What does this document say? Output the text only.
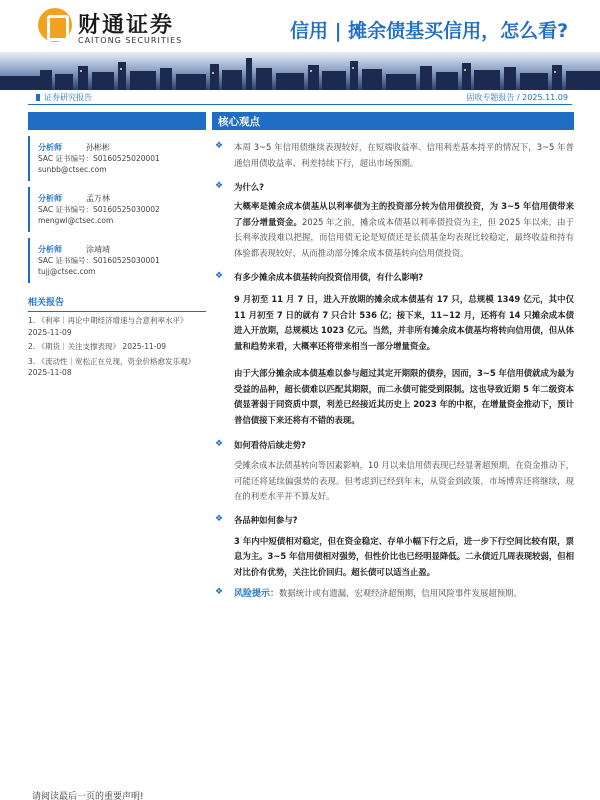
财通证券
CAITONG SECURITIES	信用 | 摊余债基买信用，怎么看?
证券研究报告	固收专题报告 / 2025.11.09
分析师	孙彬彬
SAC 证书编号：S0160525020001
sunbb@ctsec.com
分析师	孟万林
SAC 证书编号：S0160525030002
mengwl@ctsec.com
分析师	涂靖靖
SAC 证书编号：S0160525030001
tujj@ctsec.com
相关报告
1. 《利率｜再论中期经济增速与合意利率水平》 2025-11-09
2. 《期货｜关注支撑表现》 2025-11-09
3. 《流动性｜宽松正在兑现，资金价格愈发乐观》 2025-11-08
核心观点
❖ 本周 3~5 年信用债继续表现较好，在短端收益率、信用利差基本持平的情况下，3~5 年普通信用债收益率、利差持续下行，超出市场预期。
❖ 为什么?
大概率是摊余成本债基从以利率债为主的投资部分转为信用债投资，为 3~5 年信用债带来了部分增量资金。2025 年之前，摊余成本债基以利率债投资为主，但 2025 年以来，由于长利率波段难以把握，而信用债无论是短债还是长债基金均表现比较稳定，最终收益和持有体验都表现较好，从而推动部分摊余成本债基转向信用债投资。
❖ 有多少摊余成本债基转向投资信用债，有什么影响?
9 月初至 11 月 7 日，进入开放期的摊余成本债基有 17 只，总规模 1349 亿元，其中仅 11 月初至 7 日的就有 7 只合计 536 亿；接下来，11~12 月，还将有 14 只摊余成本债进入开放期，总规模达 1023 亿元。当然，并非所有摊余成本债基均将转向信用债，但从体量和趋势来看，大概率还将带来相当一部分增量资金。
由于大部分摊余成本债基难以参与超过其定开期限的债券，因而，3~5 年信用债就成为最为受益的品种，超长债难以匹配其期限，而二永债可能受到限制。这也导致近期 5 年二级资本债显著弱于同资质中票，利差已经接近其历史上 2023 年的中枢，在增量资金推动下，预计普信债接下来还将有不错的表现。
❖ 如何看待后续走势?
受摊余成本法债基转向等因素影响，10 月以来信用债表现已经显著超预期，在资金推动下，可能还将延续偏强势的表现。但考虑到已经到年末，从资金到政策，市场博弈还将继续，现在的利差水平并不算友好。
❖ 各品种如何参与?
3 年内中短债相对稳定，但在资金稳定、存单小幅下行之后，进一步下行空间比较有限，票息为主。3~5 年信用债相对强势，但性价比也已经明显降低。二永债近几周表现较弱，但相对比价有优势，关注比价回归。超长债可以适当止盈。
❖ 风险提示：数据统计或有遗漏，宏观经济超预期，信用风险事件发展超预期。
请阅读最后一页的重要声明!
